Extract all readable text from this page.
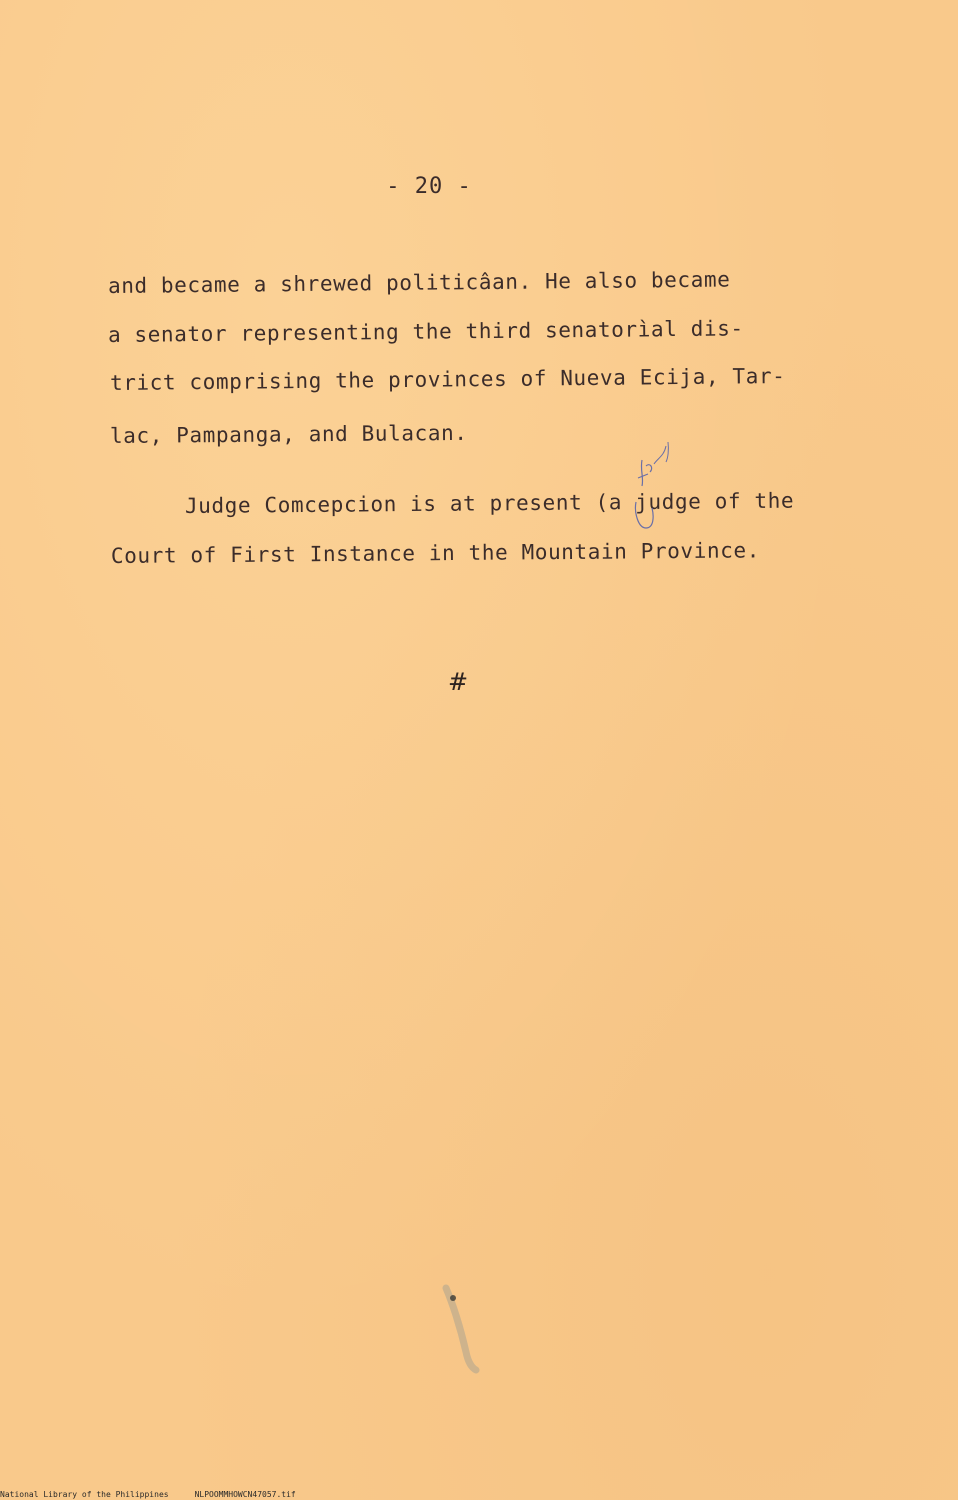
- 20 -
and became a shrewed politicâan. He also became
a senator representing the third senatorìal dis-
trict comprising the provinces of Nueva Ecija, Tar-
lac, Pampanga, and Bulacan.
Judge Comcepcion is at present (a judge of the
Court of First Instance in the Mountain Province.
#
National Library of the Philippines	NLPOOMMHOWCN47057.tif
